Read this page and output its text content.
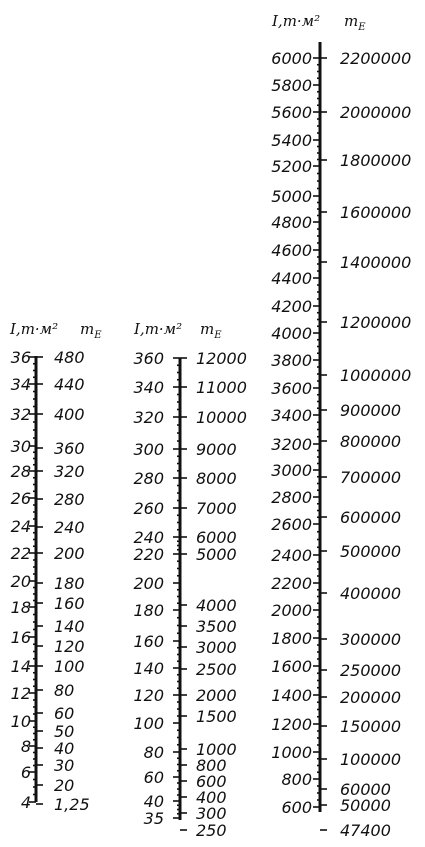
I,т·м² $m_E$
36
34
32
30
28
26
24
22
20
18
16
14
12
10
8
6
4
480
440
400
360
320
280
240
200
180
160
140
120
100
80
60
50
40
30
20
1,25
I,т·м² $m_E$
360
340
320
300
280
260
240
220
200
180
160
140
120
100
80
60
40
35
12000
11000
10000
9000
8000
7000
6000
5000
4000
3500
3000
2500
2000
1500
1000
800
600
400
300
250
I,т·м² $m_E$
6000
5800
5600
5400
5200
5000
4800
4600
4400
4200
4000
3800
3600
3400
3200
3000
2800
2600
2400
2200
2000
1800
1600
1400
1200
1000
800
600
2200000
2000000
1800000
1600000
1400000
1200000
1000000
900000
800000
700000
600000
500000
400000
300000
250000
200000
150000
100000
60000
50000
47400
